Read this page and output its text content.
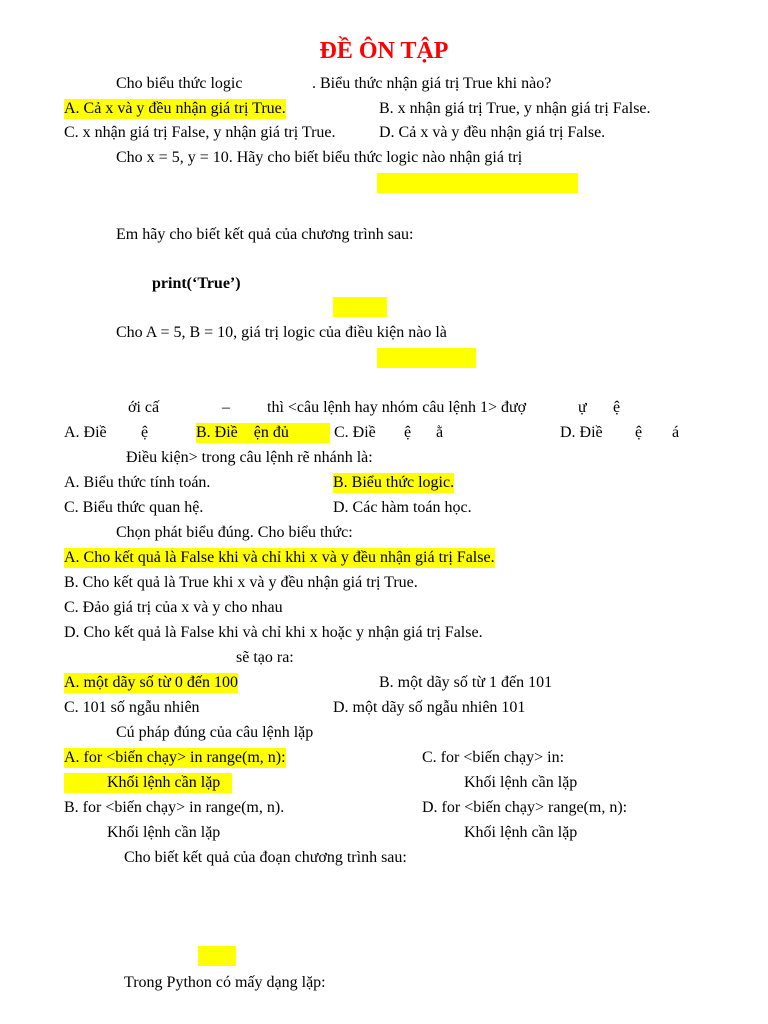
ĐỀ ÔN TẬP
Cho biểu thức logic	. Biểu thức nhận giá trị True khi nào?
A. Cả x và y đều nhận giá trị True.	B. x nhận giá trị True, y nhận giá trị False.
C. x nhận giá trị False, y nhận giá trị True.	D. Cả x và y đều nhận giá trị False.
Cho x = 5, y = 10. Hãy cho biết biểu thức logic nào nhận giá trị
Em hãy cho biết kết quả của chương trình sau:
print(‘True’)
Cho A = 5, B = 10, giá trị logic của điều kiện nào là
ới cấ	– thì <câu lệnh hay nhóm câu lệnh 1> đượ	ự ệ
A. Điề ệ	B. Điề    ện đủ	C. Điề ệ ằ	D. Điề ệ á
Điều kiện> trong câu lệnh rẽ nhánh là:
A. Biểu thức tính toán.	B. Biểu thức logic.
C. Biểu thức quan hệ.	D. Các hàm toán học.
Chọn phát biểu đúng. Cho biểu thức:
A. Cho kết quả là False khi và chỉ khi x và y đều nhận giá trị False.
B. Cho kết quả là True khi x và y đều nhận giá trị True.
C. Đảo giá trị của x và y cho nhau
D. Cho kết quả là False khi và chỉ khi x hoặc y nhận giá trị False.
sẽ tạo ra:
A. một dãy số từ 0 đến 100	B. một dãy số từ 1 đến 101
C. 101 số ngẫu nhiên	D. một dãy số ngẫu nhiên 101
Cú pháp đúng của câu lệnh lặp
A. for <biến chạy> in range(m, n):	C. for <biến chạy> in:
Khối lệnh cần lặp	Khối lệnh cần lặp
B. for <biến chạy> in range(m, n).	D. for <biến chạy> range(m, n):
Khối lệnh cần lặp	Khối lệnh cần lặp
Cho biết kết quả của đoạn chương trình sau:
Trong Python có mấy dạng lặp:
